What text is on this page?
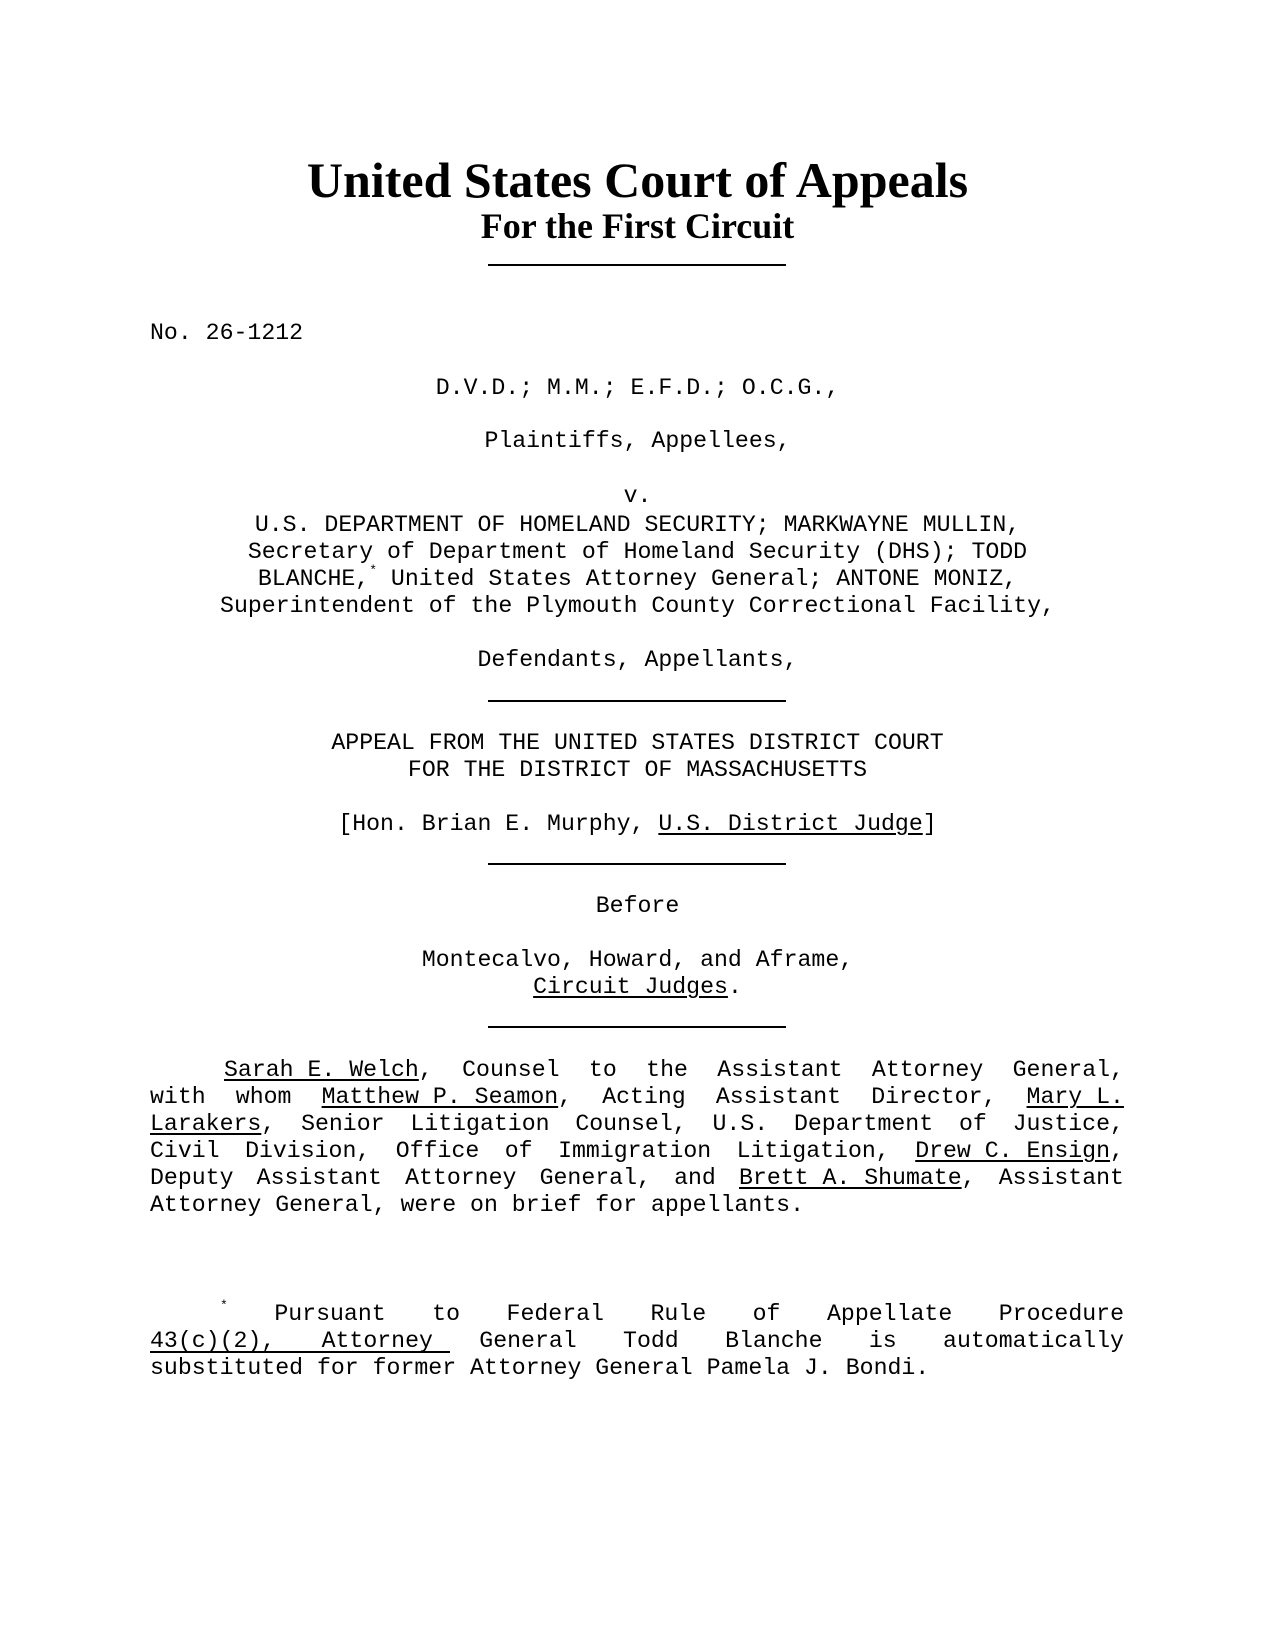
United States Court of Appeals
For the First Circuit

No. 26-1212

D.V.D.; M.M.; E.F.D.; O.C.G.,

Plaintiffs, Appellees,

v.

U.S. DEPARTMENT OF HOMELAND SECURITY; MARKWAYNE MULLIN,

Secretary of Department of Homeland Security (DHS); TODD

BLANCHE,* United States Attorney General; ANTONE MONIZ,

Superintendent of the Plymouth County Correctional Facility,

Defendants, Appellants,

APPEAL FROM THE UNITED STATES DISTRICT COURT

FOR THE DISTRICT OF MASSACHUSETTS

[Hon. Brian E. Murphy, U.S. District Judge]

Before

Montecalvo, Howard, and Aframe,

Circuit Judges.

Sarah E. Welch, Counsel to the Assistant Attorney General,
with whom Matthew P. Seamon, Acting Assistant Director, Mary L.
Larakers, Senior Litigation Counsel, U.S. Department of Justice,
Civil Division, Office of Immigration Litigation, Drew C. Ensign,
Deputy Assistant Attorney General, and Brett A. Shumate, Assistant

Attorney General, were on brief for appellants.

* Pursuant to Federal Rule of Appellate Procedure
43(c)(2), Attorney General Todd Blanche is automatically

substituted for former Attorney General Pamela J. Bondi.
